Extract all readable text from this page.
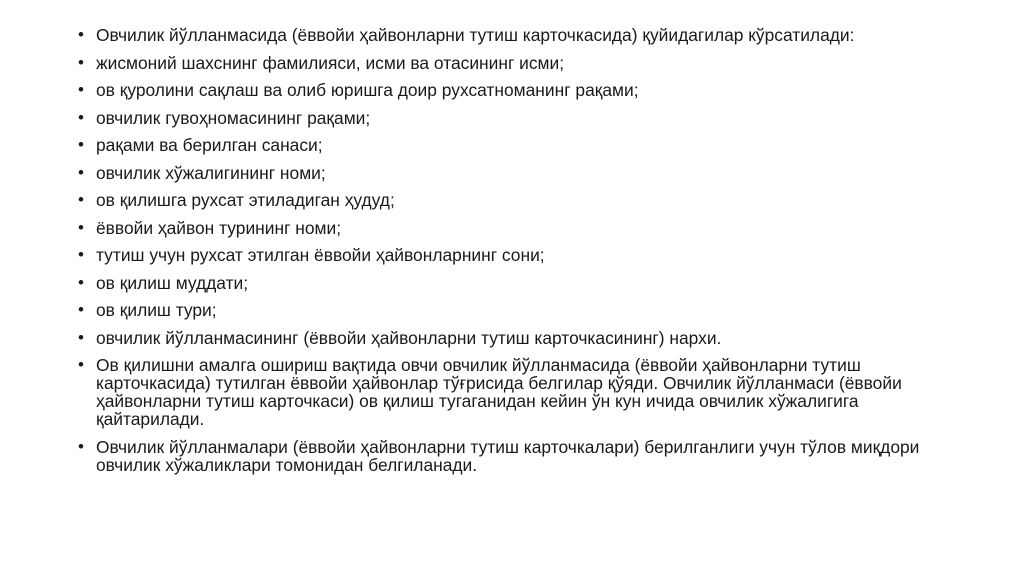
• Овчилик йўлланмасида (ёввойи ҳайвонларни тутиш карточкасида) қуйидагилар кўрсатилади:
• жисмоний шахснинг фамилияси, исми ва отасининг исми;
• ов қуролини сақлаш ва олиб юришга доир рухсатноманинг рақами;
• овчилик гувоҳномасининг рақами;
• рақами ва берилган санаси;
• овчилик хўжалигининг номи;
• ов қилишга рухсат этиладиган ҳудуд;
• ёввойи ҳайвон турининг номи;
• тутиш учун рухсат этилган ёввойи ҳайвонларнинг сони;
• ов қилиш муддати;
• ов қилиш тури;
• овчилик йўлланмасининг (ёввойи ҳайвонларни тутиш карточкасининг) нархи.
• Ов қилишни амалга ошириш вақтида овчи овчилик йўлланмасида (ёввойи ҳайвонларни тутиш карточкасида) тутилган ёввойи ҳайвонлар тўғрисида белгилар қўяди. Овчилик йўлланмаси (ёввойи ҳайвонларни тутиш карточкаси) ов қилиш тугаганидан кейин ўн кун ичида овчилик хўжалигига қайтарилади.
• Овчилик йўлланмалари (ёввойи ҳайвонларни тутиш карточкалари) берилганлиги учун тўлов миқдори овчилик хўжаликлари томонидан белгиланади.
